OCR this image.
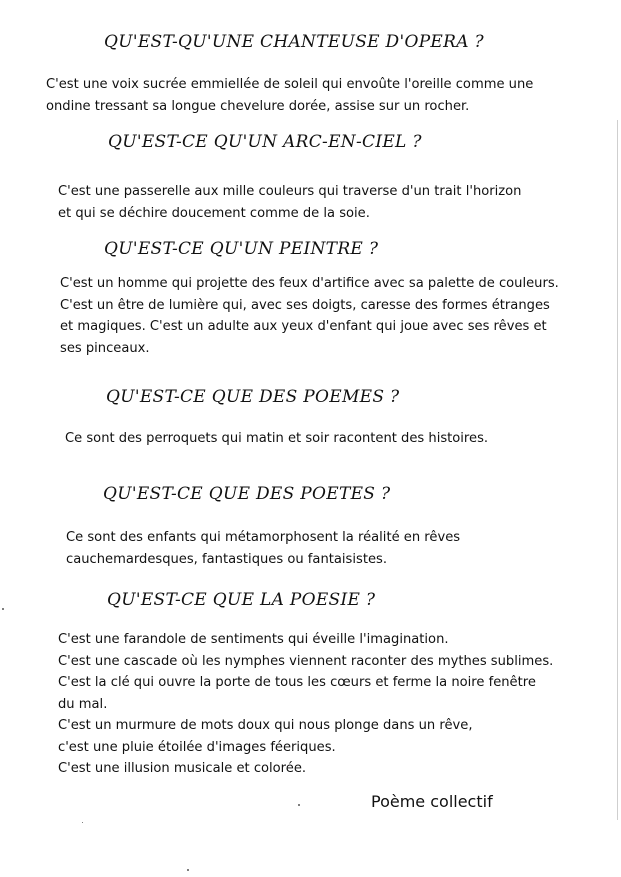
QU'EST-QU'UNE CHANTEUSE D'OPERA ?
C'est une voix sucrée emmiellée de soleil qui envoûte l'oreille comme une
ondine tressant sa longue chevelure dorée, assise sur un rocher.
QU'EST-CE QU'UN ARC-EN-CIEL ?
C'est une passerelle aux mille couleurs qui traverse d'un trait l'horizon
et qui se déchire doucement comme de la soie.
QU'EST-CE QU'UN PEINTRE ?
C'est un homme qui projette des feux d'artifice avec sa palette de couleurs.
C'est un être de lumière qui, avec ses doigts, caresse des formes étranges
et magiques. C'est un adulte aux yeux d'enfant qui joue avec ses rêves et
ses pinceaux.
QU'EST-CE QUE DES POEMES ?
Ce sont des perroquets qui matin et soir racontent des histoires.
QU'EST-CE QUE DES POETES ?
Ce sont des enfants qui métamorphosent la réalité en rêves
cauchemardesques, fantastiques ou fantaisistes.
QU'EST-CE QUE LA POESIE ?
C'est une farandole de sentiments qui éveille l'imagination.
C'est une cascade où les nymphes viennent raconter des mythes sublimes.
C'est la clé qui ouvre la porte de tous les cœurs et ferme la noire fenêtre
du mal.
C'est un murmure de mots doux qui nous plonge dans un rêve,
c'est une pluie étoilée d'images féeriques.
C'est une illusion musicale et colorée.
Poème collectif
